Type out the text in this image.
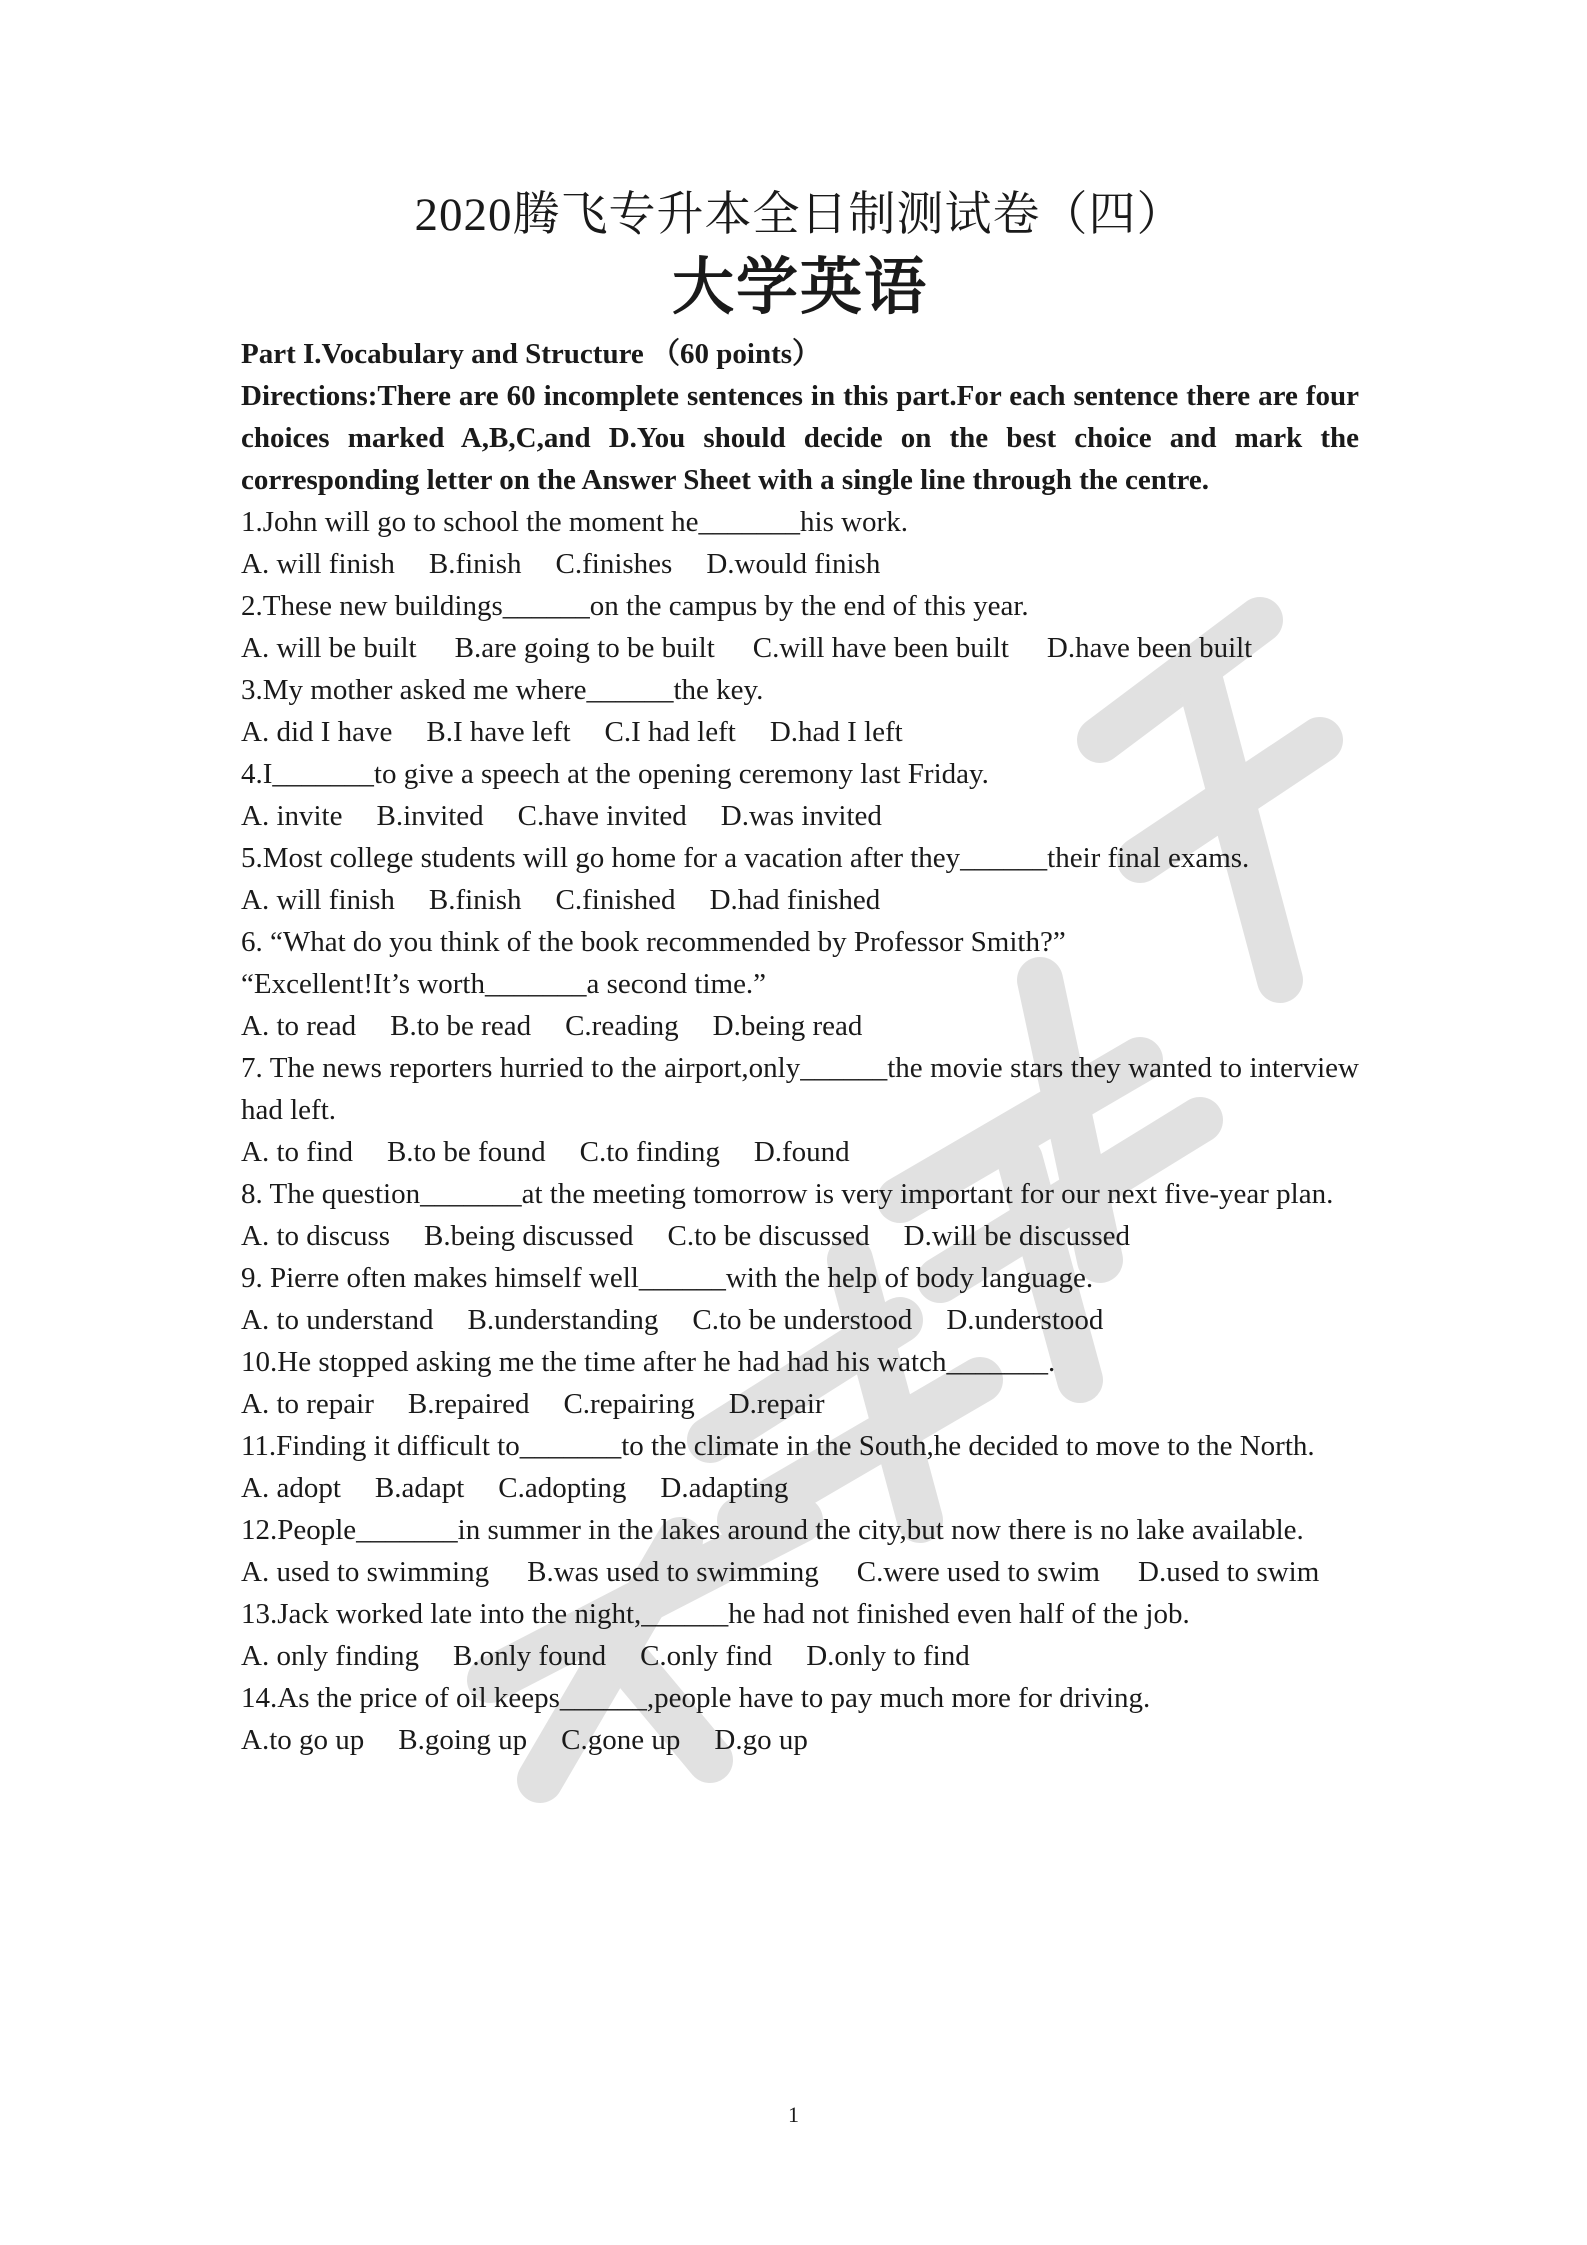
2020腾飞专升本全日制测试卷（四）
大学英语
Part I.Vocabulary and Structure （60 points）
Directions:There are 60 incomplete sentences in this part.For each sentence there are four choices marked A,B,C,and D.You should decide on the best choice and mark the corresponding letter on the Answer Sheet with a single line through the centre.
1.John will go to school the moment he_______his work.
A. will finish B.finish C.finishes D.would finish
2.These new buildings______on the campus by the end of this year.
A. will be built B.are going to be built C.will have been built D.have been built
3.My mother asked me where______the key.
A. did I have B.I have left C.I had left D.had I left
4.I_______to give a speech at the opening ceremony last Friday.
A. invite B.invited C.have invited D.was invited
5.Most college students will go home for a vacation after they______their final exams.
A. will finish B.finish C.finished D.had finished
6. “What do you think of the book recommended by Professor Smith?”
“Excellent!It’s worth_______a second time.”
A. to read B.to be read C.reading D.being read
7. The news reporters hurried to the airport,only______the movie stars they wanted to interview had left.
A. to find B.to be found C.to finding D.found
8. The question_______at the meeting tomorrow is very important for our next five-year plan.
A. to discuss B.being discussed C.to be discussed D.will be discussed
9. Pierre often makes himself well______with the help of body language.
A. to understand B.understanding C.to be understood D.understood
10.He stopped asking me the time after he had had his watch_______.
A. to repair B.repaired C.repairing D.repair
11.Finding it difficult to_______to the climate in the South,he decided to move to the North.
A. adopt B.adapt C.adopting D.adapting
12.People_______in summer in the lakes around the city,but now there is no lake available.
A. used to swimming B.was used to swimming C.were used to swim D.used to swim
13.Jack worked late into the night,______he had not finished even half of the job.
A. only finding B.only found C.only find D.only to find
14.As the price of oil keeps______,people have to pay much more for driving.
A.to go up B.going up C.gone up D.go up
1
